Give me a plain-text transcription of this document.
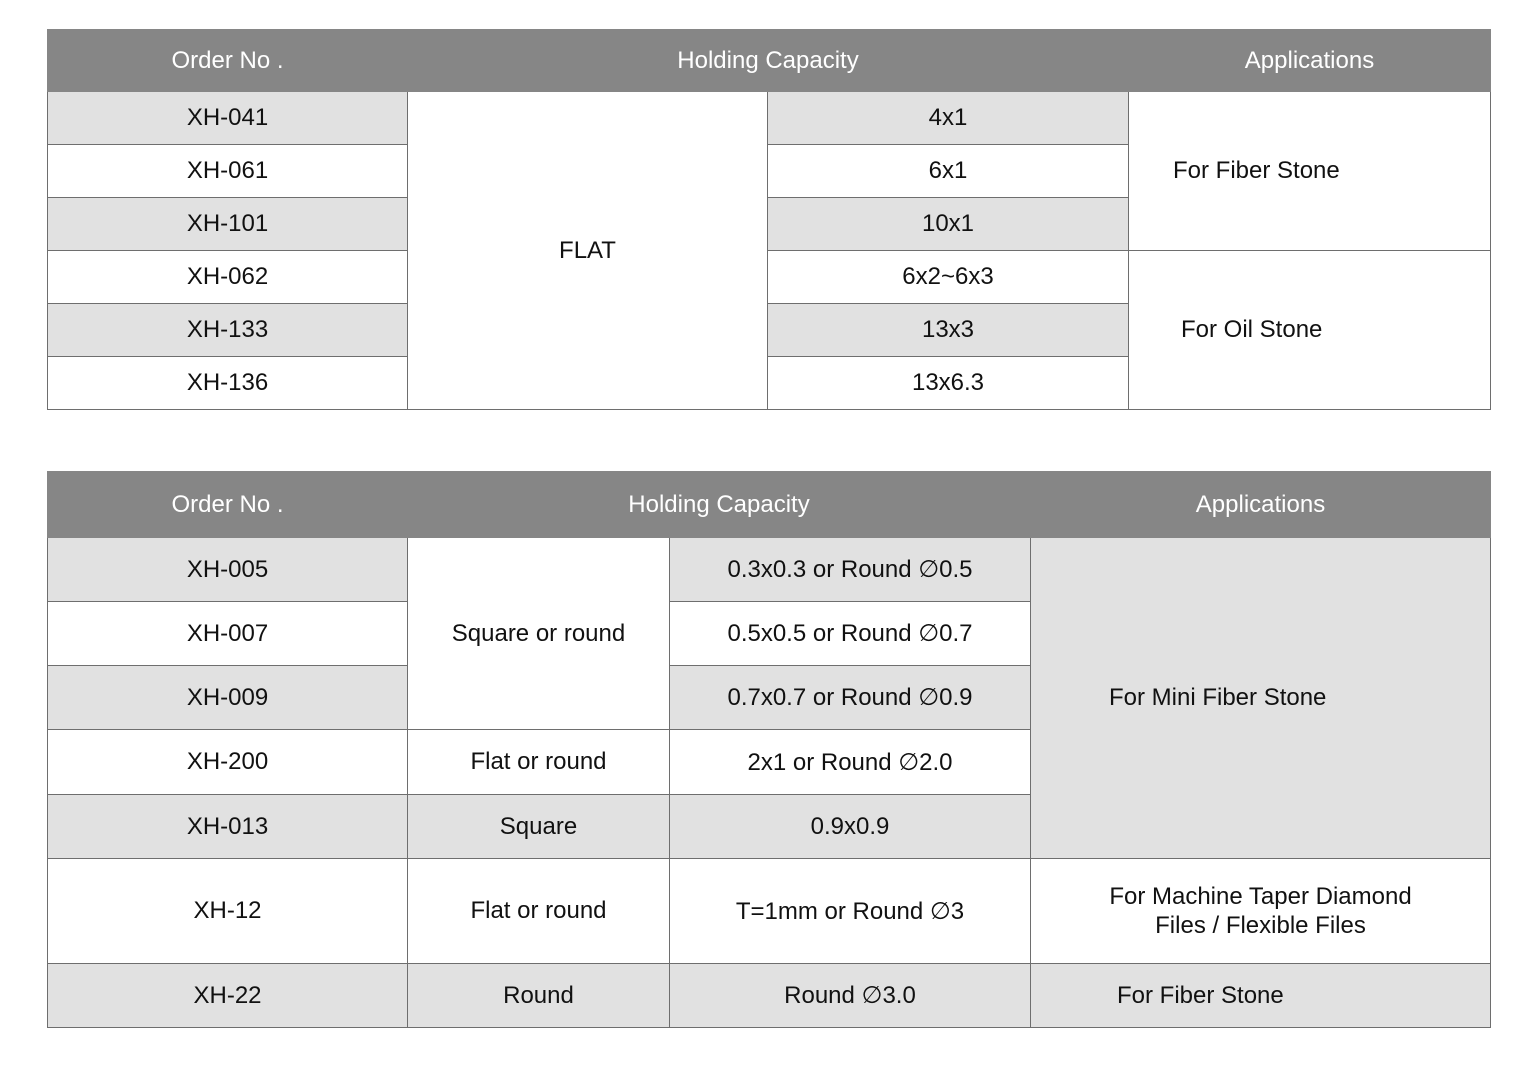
Order No .	Holding Capacity		Applications
XH-041	FLAT	4x1	For Fiber Stone
XH-061		6x1	
XH-101		10x1	
XH-062		6x2~6x3	For Oil Stone
XH-133		13x3	
XH-136		13x6.3	
Order No .	Holding Capacity		Applications
XH-005	Square or round	0.3x0.3 or Round ∅0.5	For Mini Fiber Stone
XH-007		0.5x0.5 or Round ∅0.7	
XH-009		0.7x0.7 or Round ∅0.9	
XH-200	Flat or round	2x1 or Round ∅2.0	
XH-013	Square	0.9x0.9	
XH-12	Flat or round	T=1mm or Round ∅3	For Machine Taper Diamond
Files / Flexible Files

XH-22	Round	Round ∅3.0	For Fiber Stone
